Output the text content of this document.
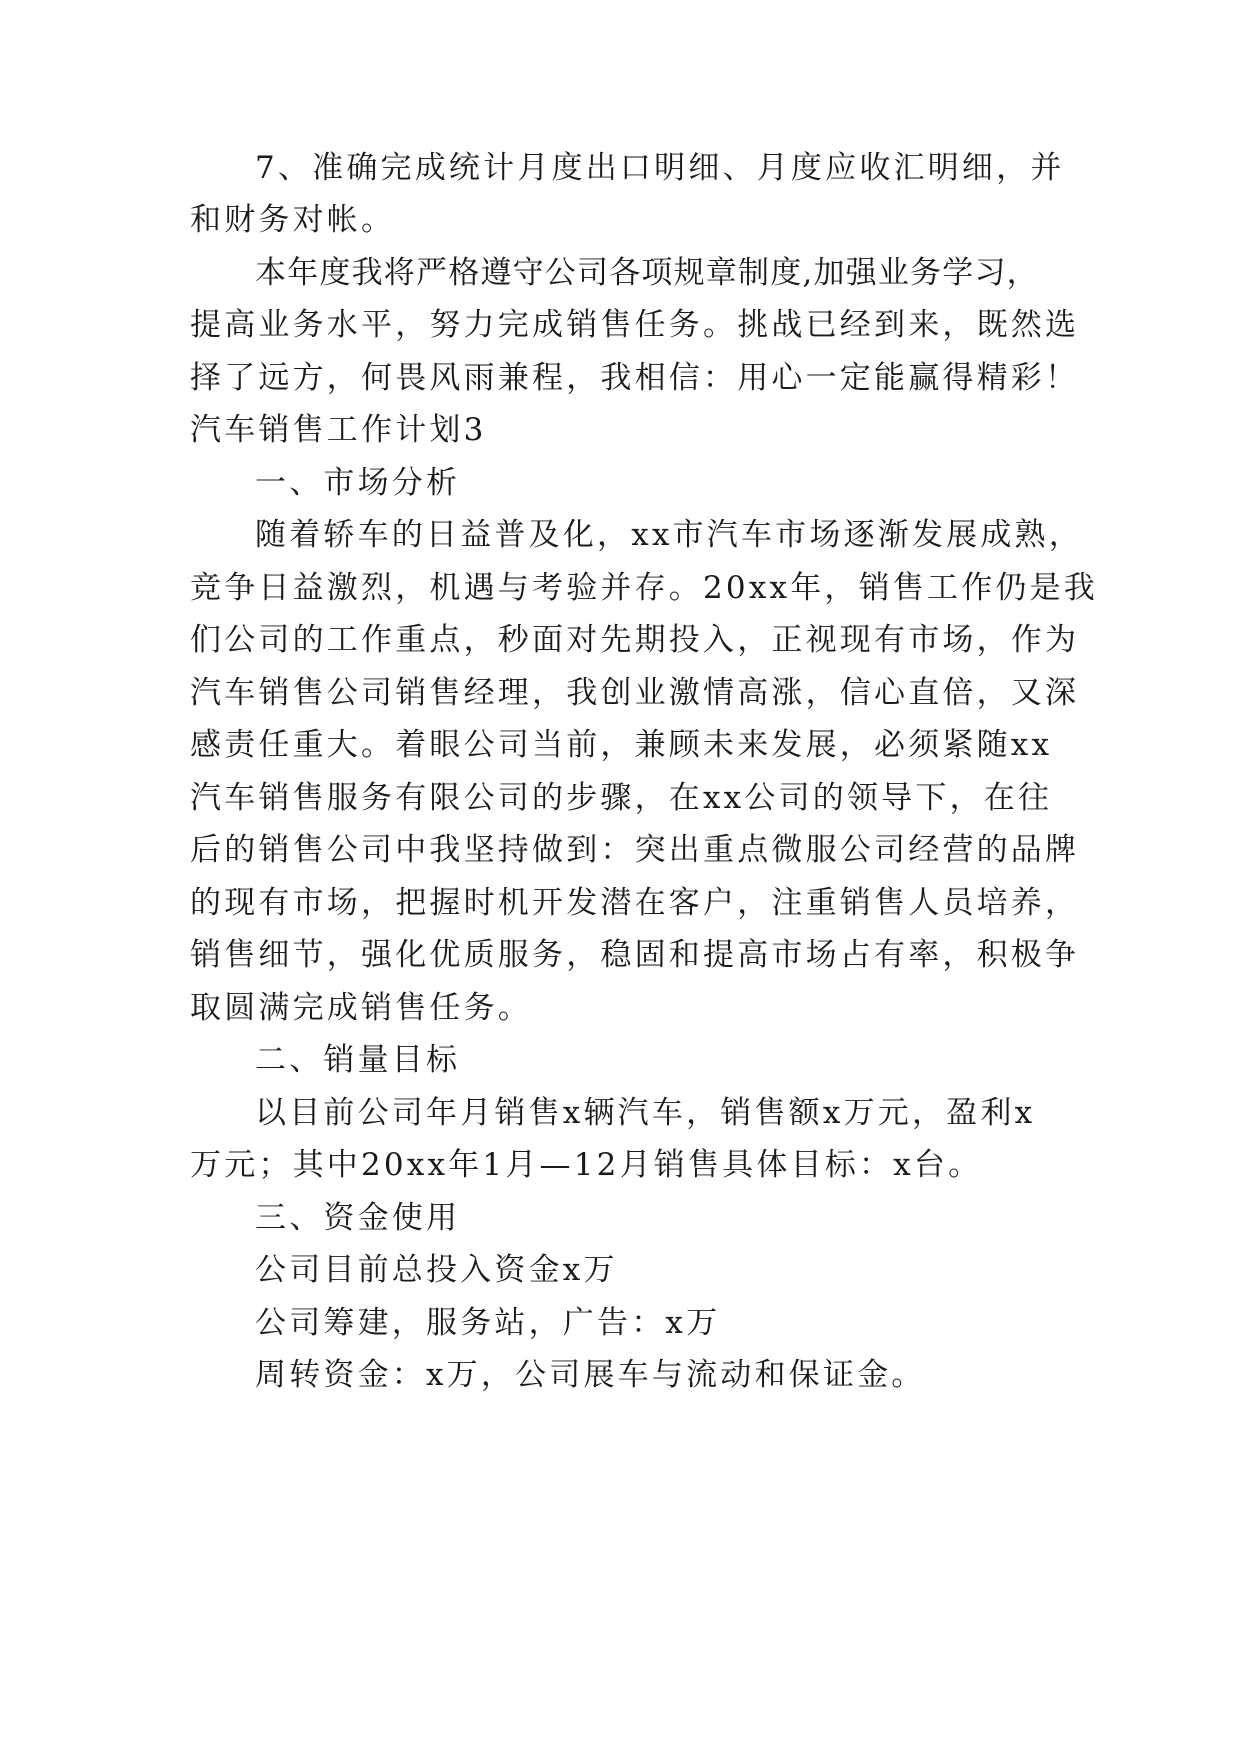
7、准确完成统计月度出口明细、月度应收汇明细，并

和财务对帐。

本年度我将严格遵守公司各项规章制度,加强业务学习，

提高业务水平，努力完成销售任务。挑战已经到来，既然选

择了远方，何畏风雨兼程，我相信：用心一定能赢得精彩！

汽车销售工作计划3

一、市场分析

随着轿车的日益普及化，xx市汽车市场逐渐发展成熟，

竞争日益激烈，机遇与考验并存。20xx年，销售工作仍是我

们公司的工作重点，秒面对先期投入，正视现有市场，作为

汽车销售公司销售经理，我创业激情高涨，信心直倍，又深

感责任重大。着眼公司当前，兼顾未来发展，必须紧随xx

汽车销售服务有限公司的步骤，在xx公司的领导下，在往

后的销售公司中我坚持做到：突出重点微服公司经营的品牌

的现有市场，把握时机开发潜在客户，注重销售人员培养，

销售细节，强化优质服务，稳固和提高市场占有率，积极争

取圆满完成销售任务。

二、销量目标

以目前公司年月销售x辆汽车，销售额x万元，盈利x

万元；其中20xx年1月—12月销售具体目标：x台。

三、资金使用

公司目前总投入资金x万

公司筹建，服务站，广告：x万

周转资金：x万，公司展车与流动和保证金。
